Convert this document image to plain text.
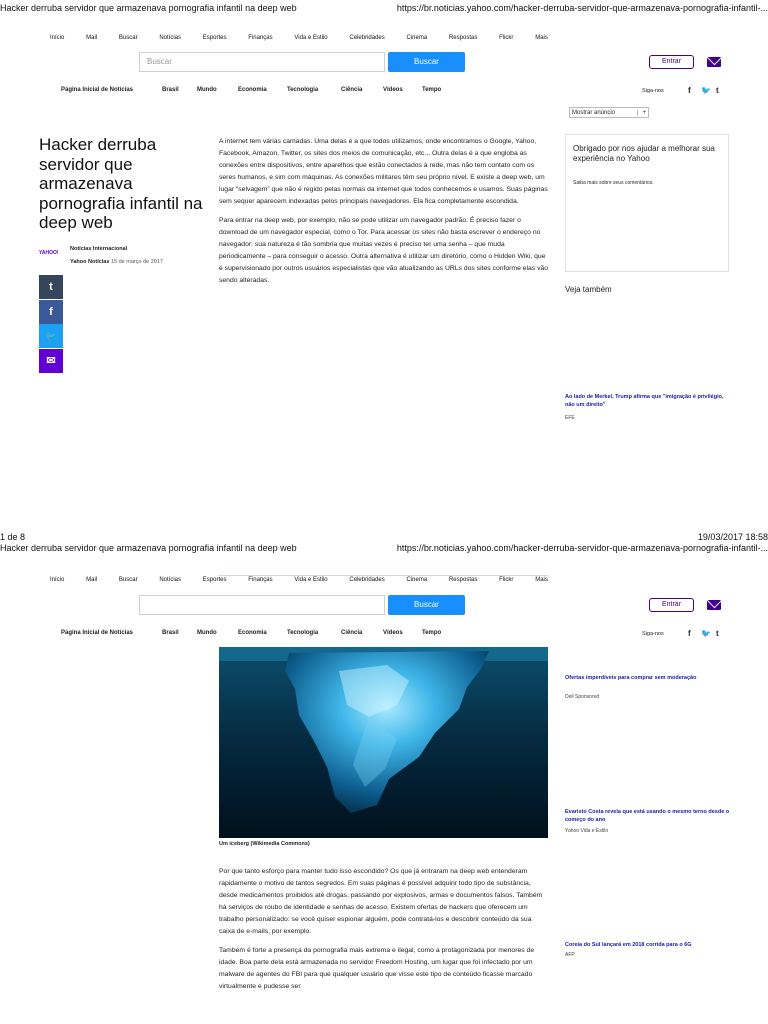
Hacker derruba servidor que armazenava pornografia infantil na deep web	https://br.noticias.yahoo.com/hacker-derruba-servidor-que-armazenava-pornografia-infantil-...
Início	Mail	Buscar	Notícias	Esportes	Finanças	Vida e Estilo	Celebridades	Cinema	Respostas	Flickr	Mais
Buscar	Buscar	Entrar
Página Inicial de Notícias	Brasil	Mundo	Economia	Tecnologia	Ciência	Vídeos	Tempo	Siga-nos	f 🐦 t
Mostrar anúncio	+
Hacker derruba servidor que armazenava pornografia infantil na deep web
YAHOO!
Notícias Internacional
Yahoo Notícias 15 de março de 2017
t
f
🐦
✉

A internet tem várias camadas. Uma delas é a que todos utilizamos, onde encontramos o Google, Yahoo, Facebook, Amazon, Twitter, os sites dos meios de comunicação, etc... Outra delas é a que engloba as conexões entre dispositivos, entre aparelhos que estão conectados à rede, mas não tem contato com os seres humanos, e sim com máquinas. As conexões militares têm seu próprio nível. E existe a deep web, um lugar “selvagem” que não é regido pelas normas da internet que todos conhecemos e usamos. Suas páginas sem sequer aparecem indexadas pelos principais navegadores. Ela fica completamente escondida.

Para entrar na deep web, por exemplo, não se pode utilizar um navegador padrão. É preciso fazer o download de um navegador especial, como o Tor. Para acessar os sites não basta escrever o endereço no navegador: sua natureza é tão sombria que muitas vezes é preciso ter uma senha – que muda periodicamente – para conseguir o acesso. Outra alternativa é utilizar um diretório, como o Hidden Wiki, que é supervisionado por outros usuários especialistas que vão atualizando as URLs dos sites conforme elas vão sendo alteradas.

Obrigado por nos ajudar a melhorar sua experiência no Yahoo
Saiba mais sobre seus comentários.
Veja também
Ao lado de Merkel, Trump afirma que "imigração é privilégio, não um direito"
EFE
1 de 8	19/03/2017 18:58
Hacker derruba servidor que armazenava pornografia infantil na deep web	https://br.noticias.yahoo.com/hacker-derruba-servidor-que-armazenava-pornografia-infantil-...
Início	Mail	Buscar	Notícias	Esportes	Finanças	Vida e Estilo	Celebridades	Cinema	Respostas	Flickr	Mais
Buscar	Entrar
Página Inicial de Notícias	Brasil	Mundo	Economia	Tecnologia	Ciência	Vídeos	Tempo	Siga-nos	f 🐦 t
Um iceberg (Wikimedia Commons)

Por que tanto esforço para manter tudo isso escondido? Os que já entraram na deep web entenderam rapidamente o motivo de tantos segredos. Em suas páginas é possível adquirir todo tipo de substância, desde medicamentos proibidos até drogas, passando por explosivos, armas e documentos falsos. Também há serviços de roubo de identidade e senhas de acesso. Existem ofertas de hackers que oferecem um trabalho personalizado: se você quiser espionar alguém, pode contratá-los e descobrir conteúdo da sua caixa de e-mails, por exemplo.

Também é forte a presença da pornografia mais extrema e ilegal, como a protagonizada por menores de idade. Boa parte dela está armazenada no servidor Freedom Hosting, um lugar que foi infectado por um malware de agentes do FBI para que qualquer usuário que visse este tipo de conteúdo ficasse marcado virtualmente e pudesse ser

Ofertas imperdíveis para comprar sem moderação
Dell Sponsored
Evaristo Costa revela que está usando o mesmo terno desde o começo do ano
Yahoo Vida e Estilo
Coreia do Sul lançará em 2018 corrida para o 6G
AFP
